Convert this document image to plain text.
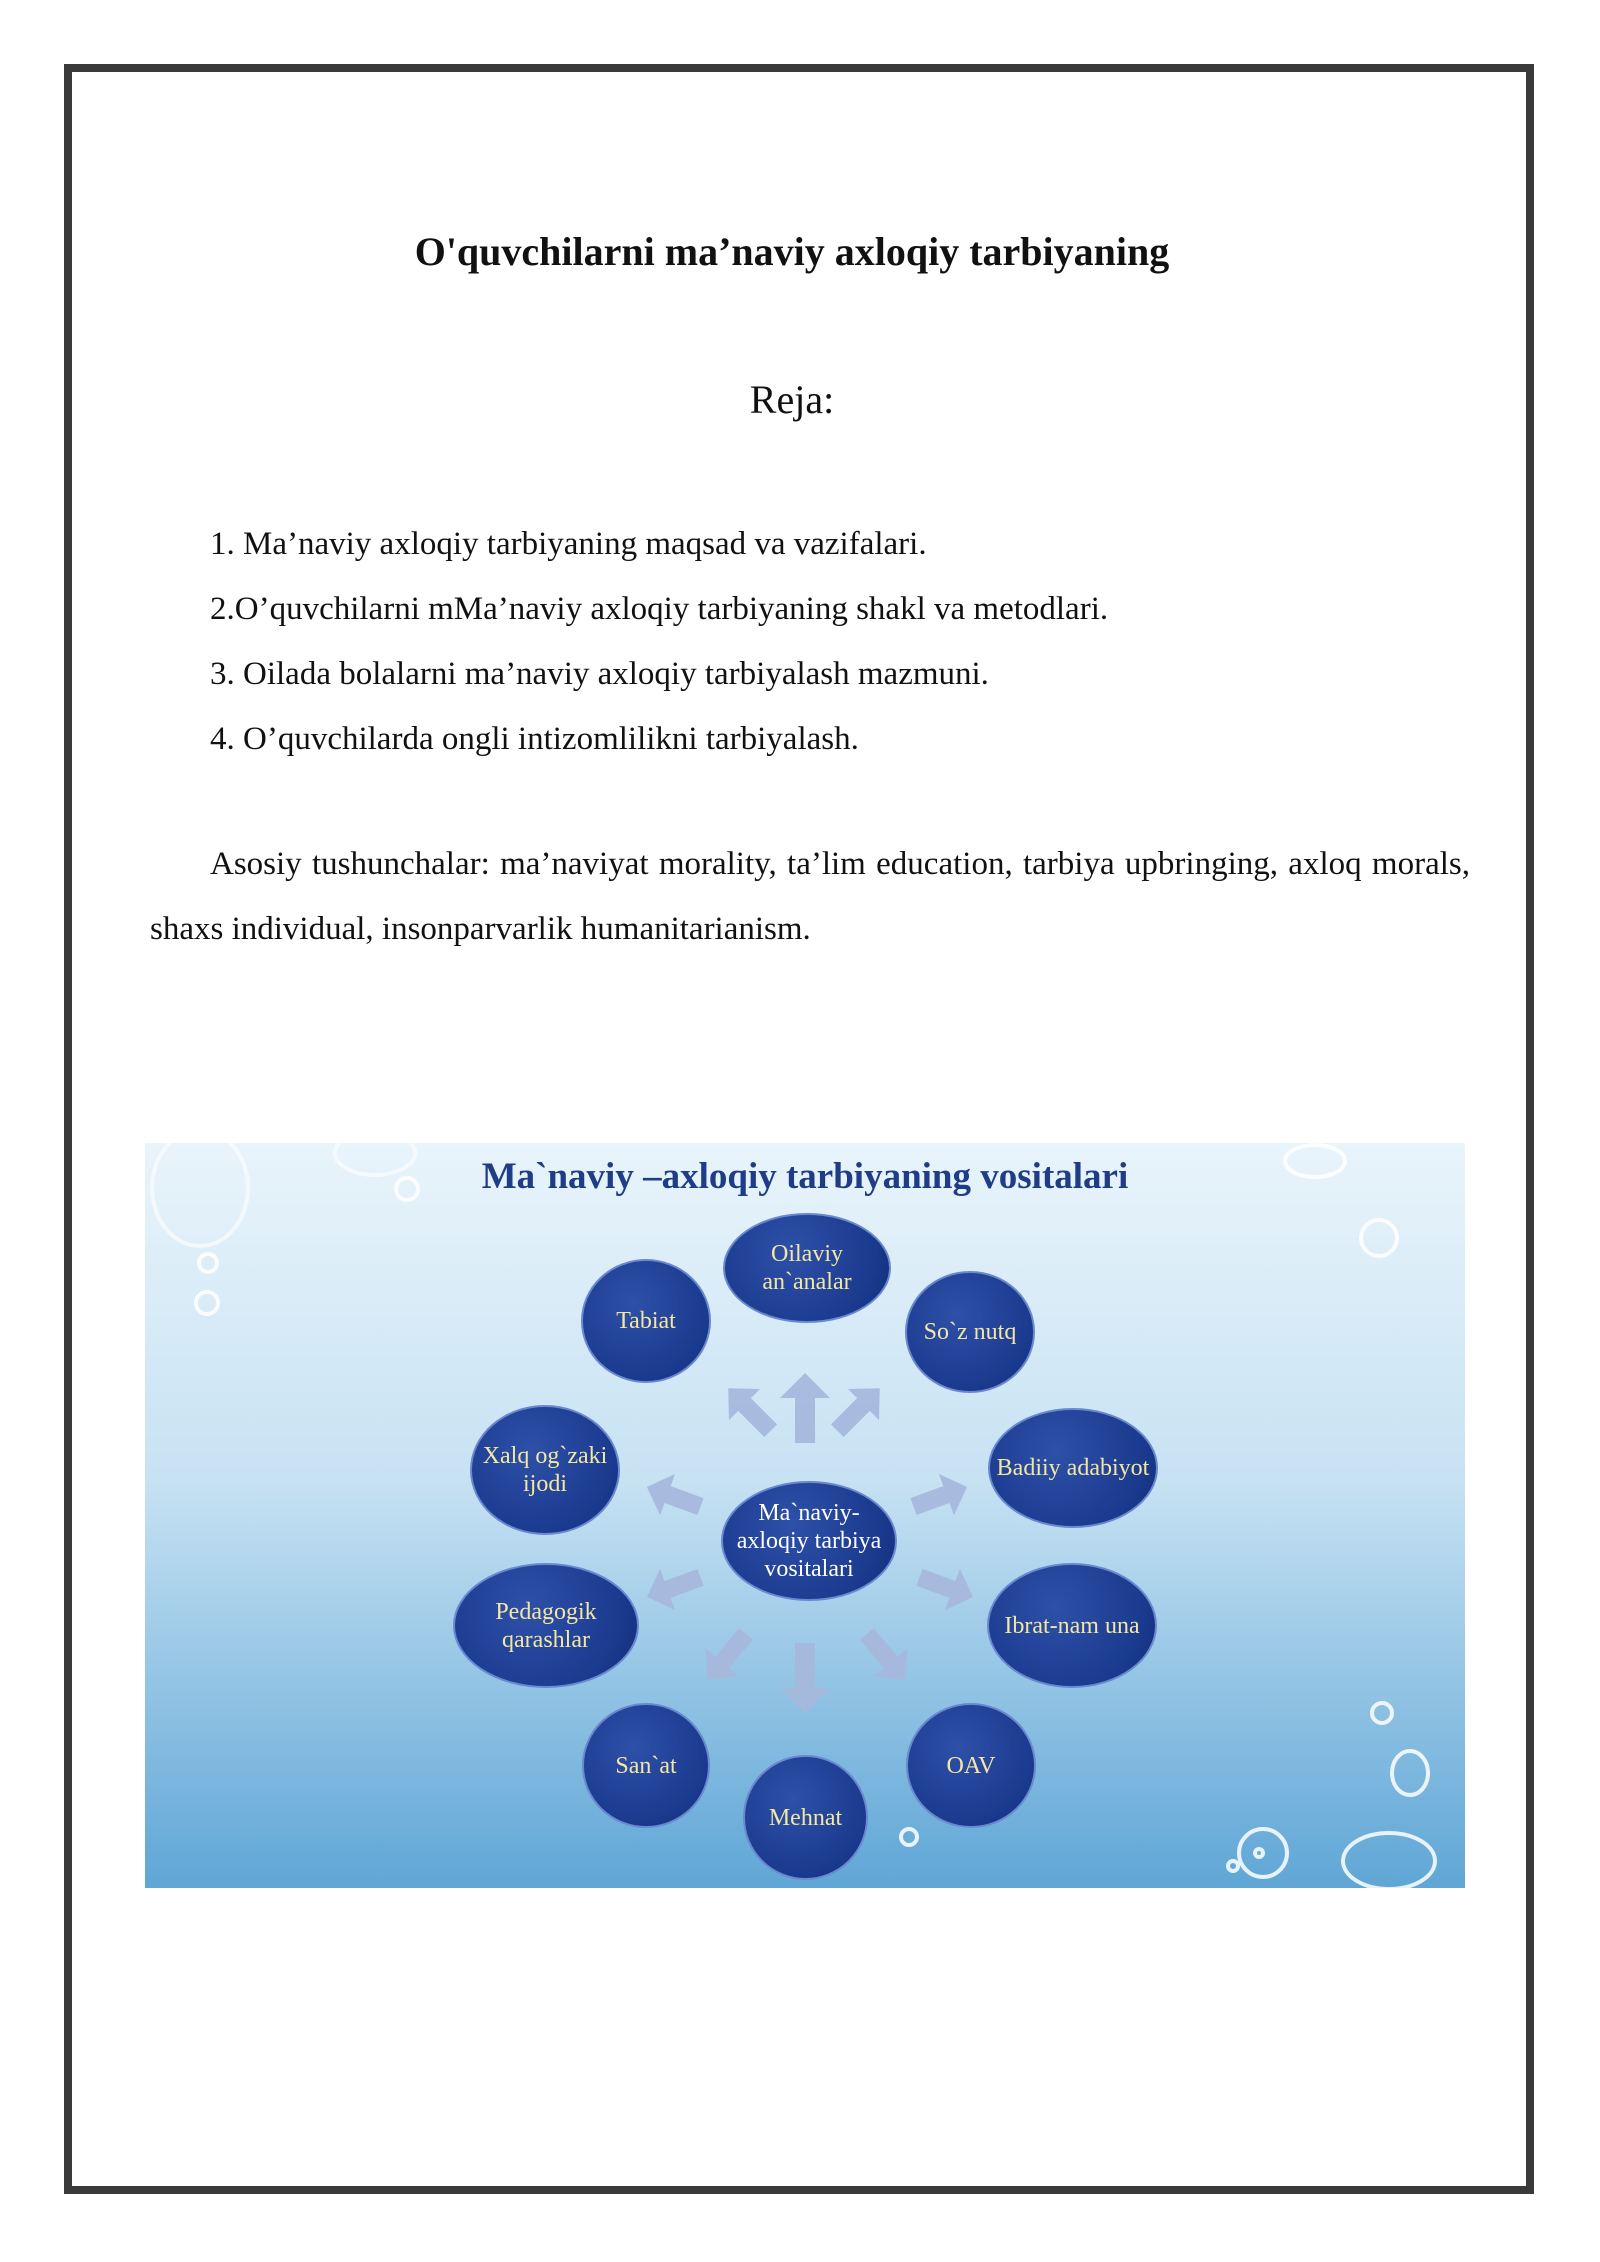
O'quvchilarni ma’naviy axloqiy tarbiyaning
Reja:
1. Ma’naviy axloqiy tarbiyaning maqsad va vazifalari.
2.O’quvchilarni mMa’naviy axloqiy tarbiyaning shakl va metodlari.
3. Oilada bolalarni ma’naviy axloqiy tarbiyalash mazmuni.
4. O’quvchilarda ongli intizomlilikni tarbiyalash.

Asosiy tushunchalar: ma’naviyat morality, ta’lim education, tarbiya upbringing, axloq morals, shaxs individual, insonparvarlik humanitarianism.

Ma`naviy –axloqiy tarbiyaning vositalari

Ma`naviy-axloqiy tarbiya vositalari
Oilaviy an`analar
So`z nutq
Badiiy adabiyot
Ibrat-nam una
OAV
Mehnat
San`at
Pedagogik qarashlar
Xalq og`zaki ijodi
Tabiat
